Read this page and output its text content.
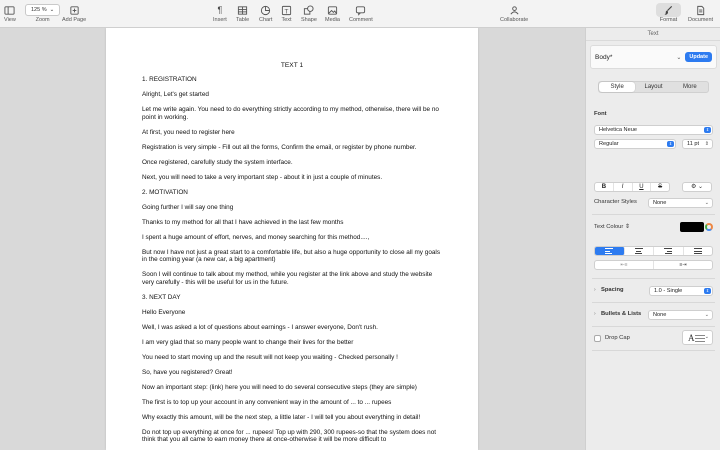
View
125 % ⌄
Zoom Add Page
¶
Insert Table Chart
T
Text Shape Media Comment	Collaborate	Format Document
TEXT 1
1. REGISTRATION
Alright, Let's get started
Let me write again. You need to do everything strictly according to my method, otherwise, there will be no point in working.
At first, you need to register here
Registration is very simple - Fill out all the forms, Confirm the email, or register by phone number.
Once registered, carefully study the system interface.
Next, you will need to take a very important step - about it in just a couple of minutes.
2. MOTIVATION
Going further I will say one thing
Thanks to my method for all that I have achieved in the last few months
I spent a huge amount of effort, nerves, and money searching for this method....,
But now I have not just a great start to a comfortable life, but also a huge opportunity to close all my goals in the coming year (a new car, a big apartment)
Soon I will continue to talk about my method, while you register at the link above and study the website very carefully - this will be useful for us in the future.
3. NEXT DAY
Hello Everyone
Well, I was asked a lot of questions about earnings - I answer everyone, Don't rush.
I am very glad that so many people want to change their lives for the better
You need to start moving up and the result will not keep you waiting - Checked personally !
So, have you registered? Great!
Now an important step: (link) here you will need to do several consecutive steps (they are simple)
The first is to top up your account in any convenient way in the amount of ... to ... rupees
Why exactly this amount, will be the next step, a little later - I will tell you about everything in detail!
Do not top up everything at once for ... rupees! Top up with 290, 300 rupees-so that the system does not think that you all came to earn money there at once-otherwise it will be more difficult to
Text
Body*	⌄	Update
Style	Layout	More
Font
Helvetica Neue	⇕
Regular	⇕	11 pt ⇕
B	I	U	S	⚙ ⌄
Character Styles	None	⌄
Text Colour ⇕
⇤≡	≡⇥
› Spacing	1.0 - Single	⇕
› Bullets & Lists	None	⌄
Drop Cap	A ⌄
